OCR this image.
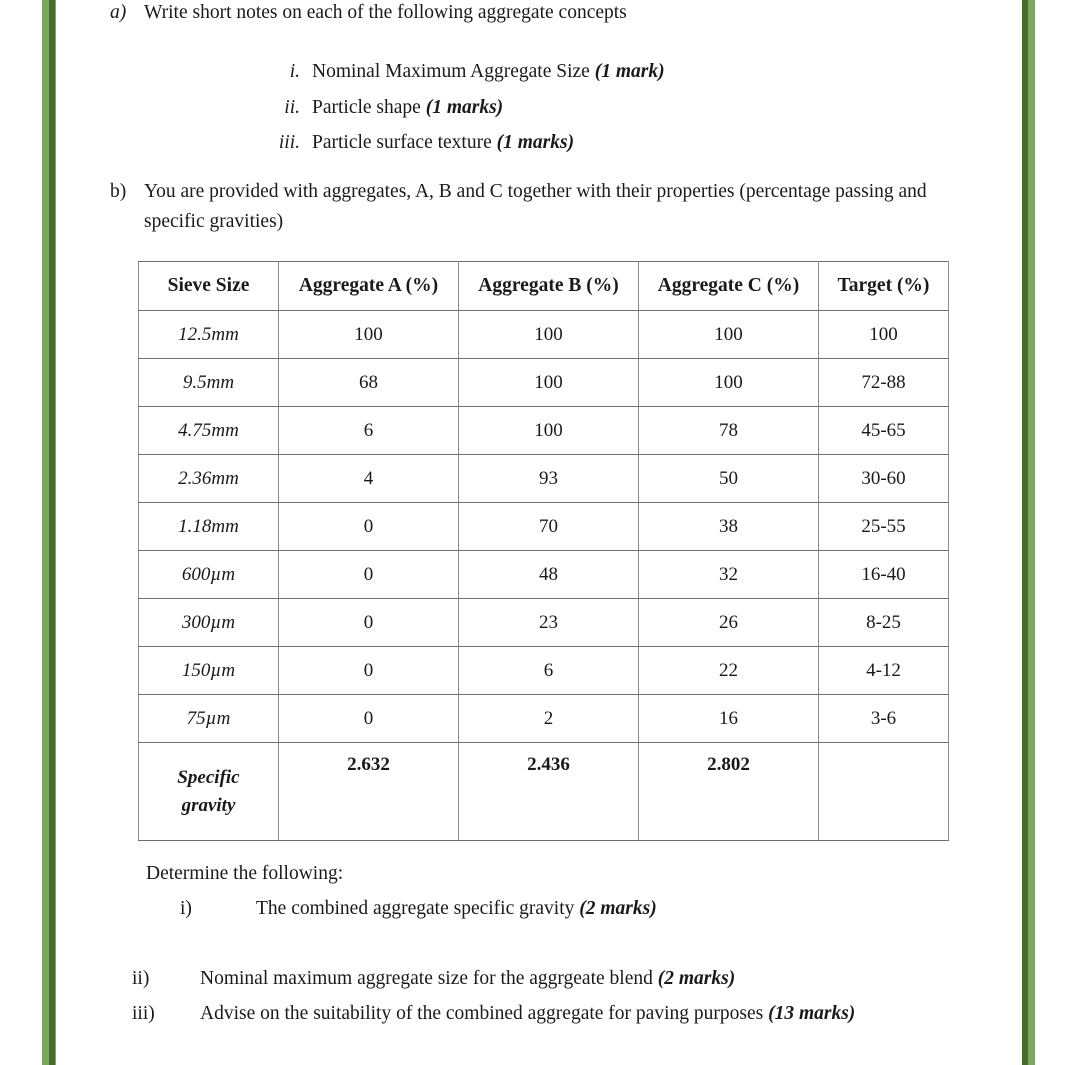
a) Write short notes on each of the following aggregate concepts
i. Nominal Maximum Aggregate Size (1 mark)
ii. Particle shape (1 marks)
iii. Particle surface texture (1 marks)
b) You are provided with aggregates, A, B and C together with their properties (percentage passing and specific gravities)
Sieve Size	Aggregate A (%)	Aggregate B (%)	Aggregate C (%)	Target (%)
12.5mm	100	100	100	100
9.5mm	68	100	100	72-88
4.75mm	6	100	78	45-65
2.36mm	4	93	50	30-60
1.18mm	0	70	38	25-55
600µm	0	48	32	16-40
300µm	0	23	26	8-25
150µm	0	6	22	4-12
75µm	0	2	16	3-6

Specific
gravity	2.632	2.436	2.802	
Determine the following:
i)	The combined aggregate specific gravity (2 marks)
ii)	Nominal maximum aggregate size for the aggrgeate blend (2 marks)
iii)	Advise on the suitability of the combined aggregate for paving purposes (13 marks)
